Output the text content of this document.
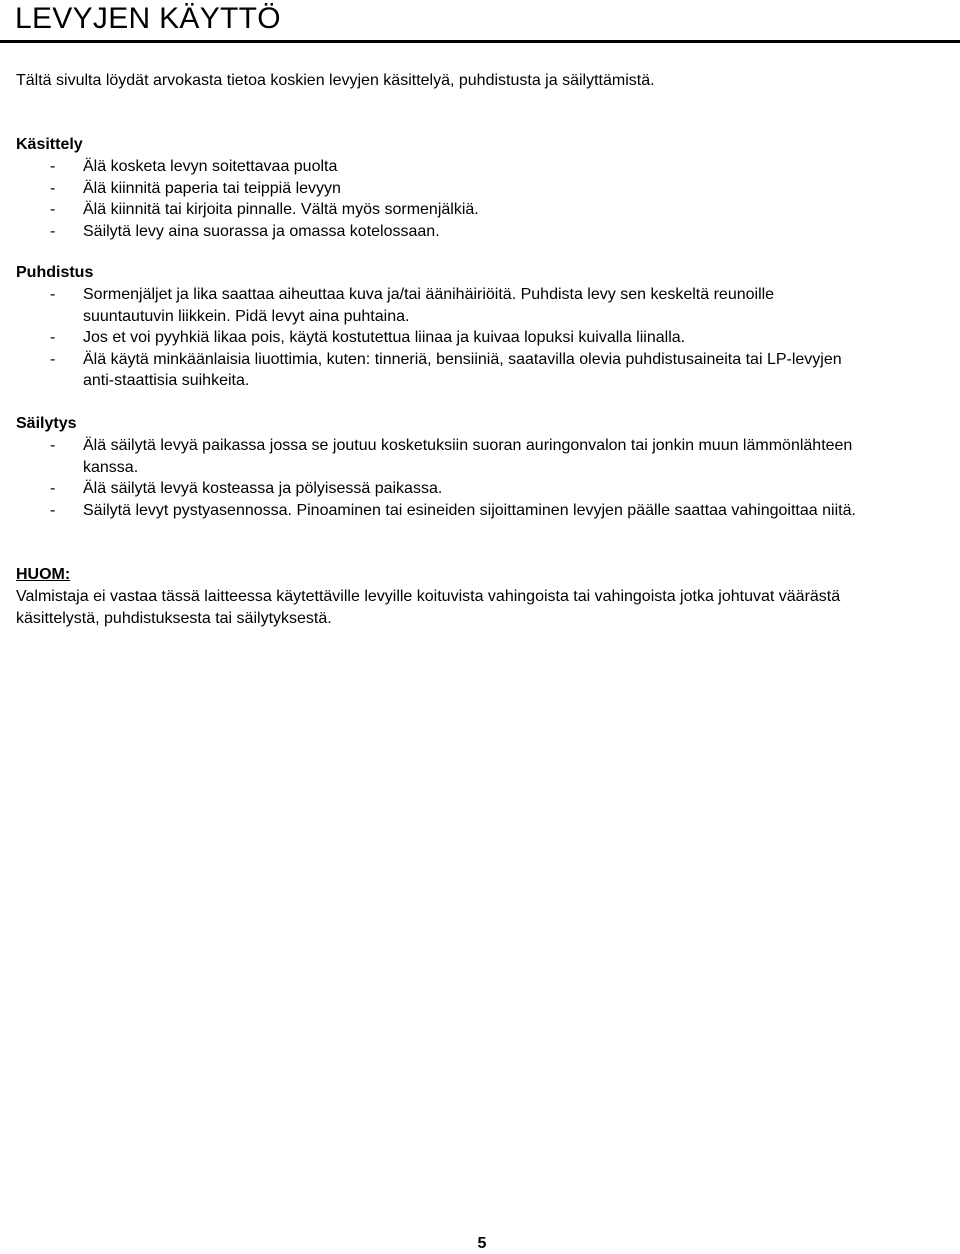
LEVYJEN KÄYTTÖ

Tältä sivulta löydät arvokasta tietoa koskien levyjen käsittelyä, puhdistusta ja säilyttämistä.

Käsittely
- Älä kosketa levyn soitettavaa puolta
- Älä kiinnitä paperia tai teippiä levyyn
- Älä kiinnitä tai kirjoita pinnalle. Vältä myös sormenjälkiä.
- Säilytä levy aina suorassa ja omassa kotelossaan.
Puhdistus
- Sormenjäljet ja lika saattaa aiheuttaa kuva ja/tai äänihäiriöitä. Puhdista levy sen keskeltä reunoille suuntautuvin liikkein. Pidä levyt aina puhtaina.
- Jos et voi pyyhkiä likaa pois, käytä kostutettua liinaa ja kuivaa lopuksi kuivalla liinalla.
- Älä käytä minkäänlaisia liuottimia, kuten: tinneriä, bensiiniä, saatavilla olevia puhdistusaineita tai LP-levyjen anti-staattisia suihkeita.
Säilytys
- Älä säilytä levyä paikassa jossa se joutuu kosketuksiin suoran auringonvalon tai jonkin muun lämmönlähteen kanssa.
- Älä säilytä levyä kosteassa ja pölyisessä paikassa.
- Säilytä levyt pystyasennossa. Pinoaminen tai esineiden sijoittaminen levyjen päälle saattaa vahingoittaa niitä.
HUOM:

Valmistaja ei vastaa tässä laitteessa käytettäville levyille koituvista vahingoista tai vahingoista jotka johtuvat väärästä käsittelystä, puhdistuksesta tai säilytyksestä.

5
